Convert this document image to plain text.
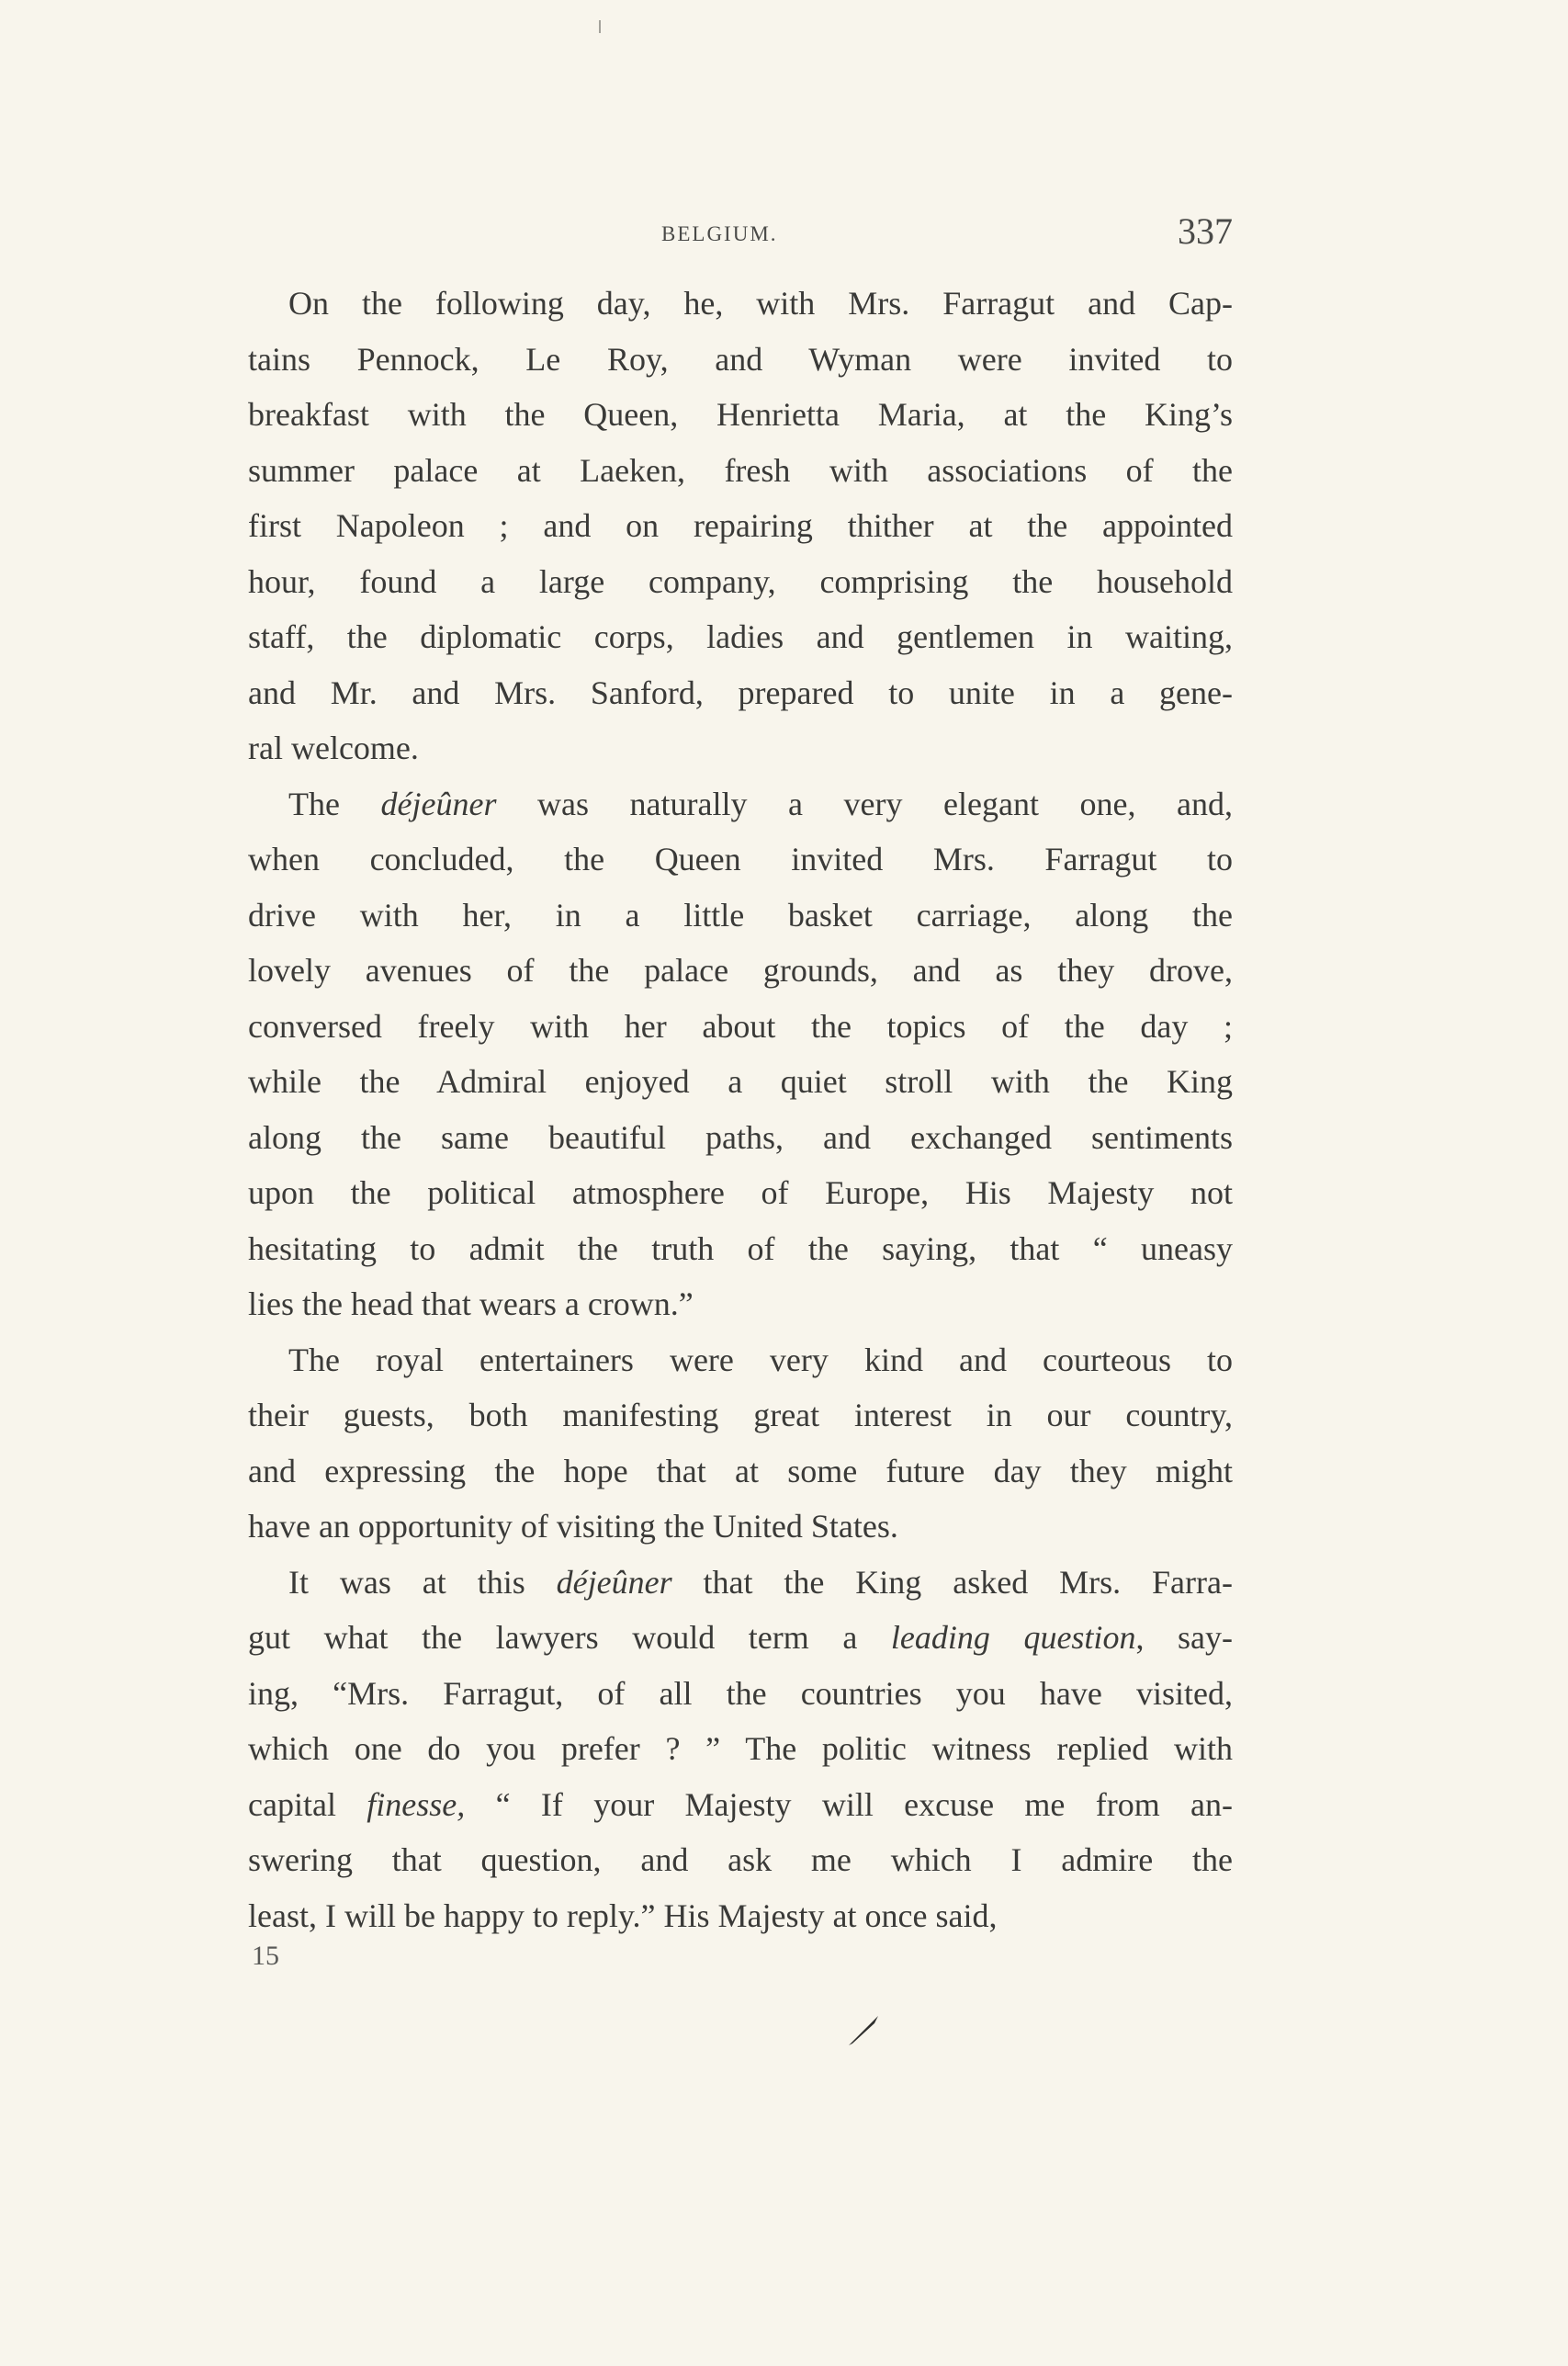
BELGIUM.	337
On the following day, he, with Mrs. Farragut and Cap-
tains Pennock, Le Roy, and Wyman were invited to
breakfast with the Queen, Henrietta Maria, at the King’s
summer palace at Laeken, fresh with associations of the
first Napoleon ; and on repairing thither at the appointed
hour, found a large company, comprising the household
staff, the diplomatic corps, ladies and gentlemen in waiting,
and Mr. and Mrs. Sanford, prepared to unite in a gene-
ral welcome.
The déjeûner was naturally a very elegant one, and,
when concluded, the Queen invited Mrs. Farragut to
drive with her, in a little basket carriage, along the
lovely avenues of the palace grounds, and as they drove,
conversed freely with her about the topics of the day ;
while the Admiral enjoyed a quiet stroll with the King
along the same beautiful paths, and exchanged sentiments
upon the political atmosphere of Europe, His Majesty not
hesitating to admit the truth of the saying, that “ uneasy
lies the head that wears a crown.”
The royal entertainers were very kind and courteous to
their guests, both manifesting great interest in our country,
and expressing the hope that at some future day they might
have an opportunity of visiting the United States.
It was at this déjeûner that the King asked Mrs. Farra-
gut what the lawyers would term a leading question, say-
ing, “Mrs. Farragut, of all the countries you have visited,
which one do you prefer ? ” The politic witness replied with
capital finesse, “ If your Majesty will excuse me from an-
swering that question, and ask me which I admire the
least, I will be happy to reply.” His Majesty at once said,
15
